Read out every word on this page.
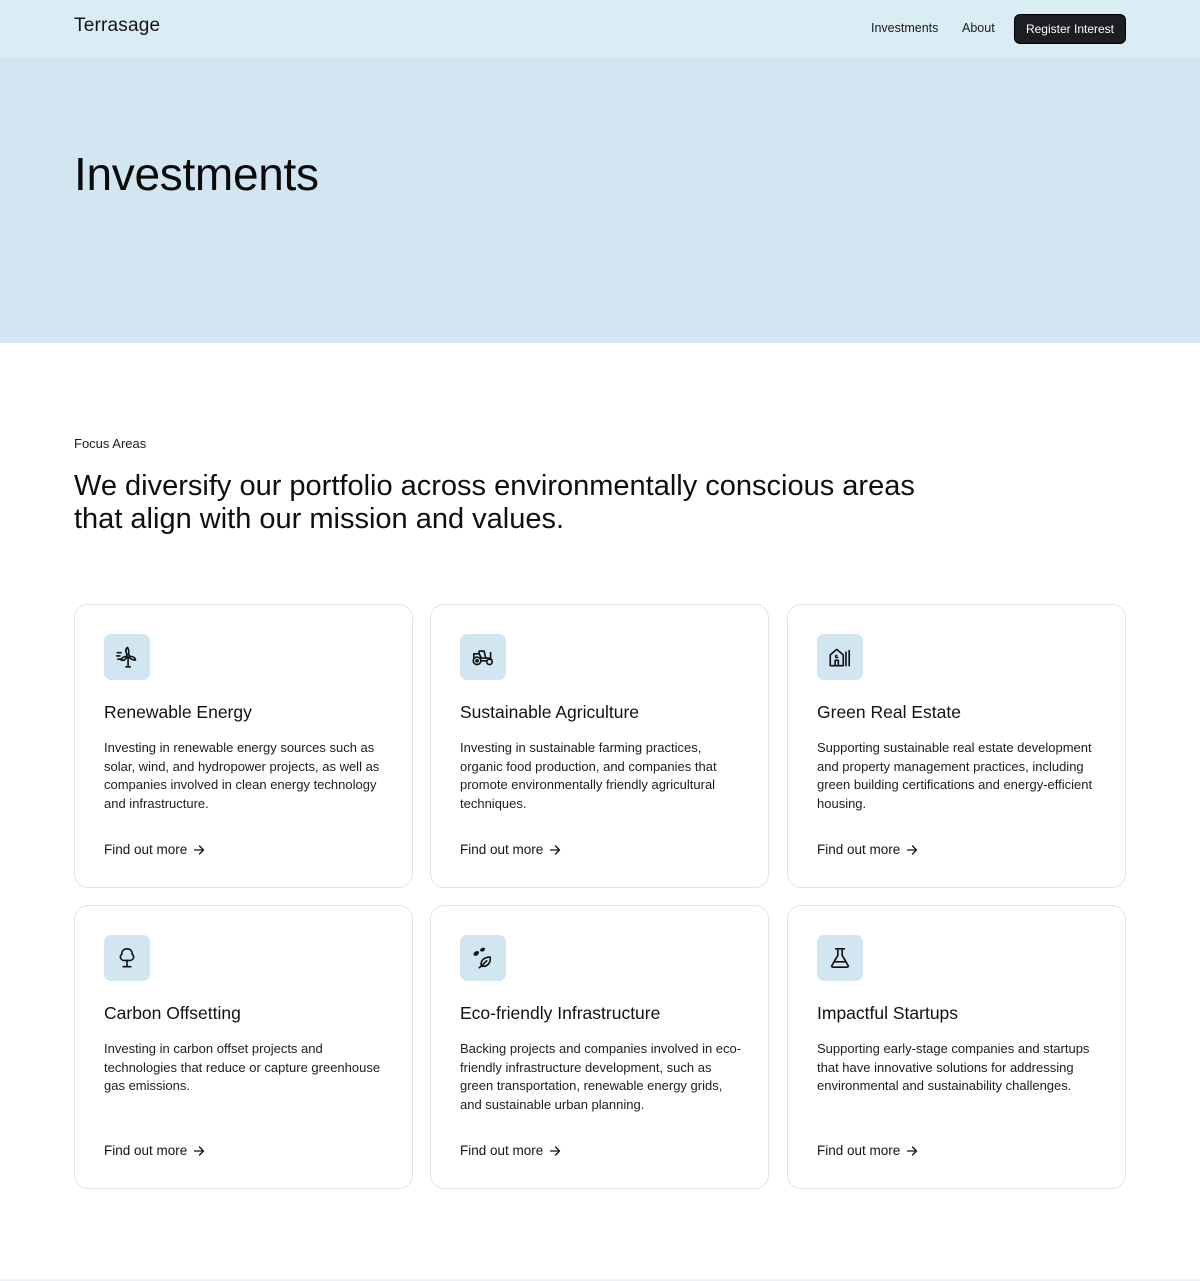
Terrasage	Investments About	Register Interest
Investments
Focus Areas
We diversify our portfolio across environmentally conscious areas that align with our mission and values.
Renewable Energy

Investing in renewable energy sources such as solar, wind, and hydropower projects, as well as companies involved in clean energy technology and infrastructure.

Find out more
Sustainable Agriculture

Investing in sustainable farming practices, organic food production, and companies that promote environmentally friendly agricultural techniques.

Find out more
Green Real Estate

Supporting sustainable real estate development and property management practices, including green building certifications and energy-efficient housing.

Find out more
Carbon Offsetting

Investing in carbon offset projects and technologies that reduce or capture greenhouse gas emissions.

Find out more
Eco-friendly Infrastructure

Backing projects and companies involved in eco-friendly infrastructure development, such as green transportation, renewable energy grids, and sustainable urban planning.

Find out more
Impactful Startups

Supporting early-stage companies and startups that have innovative solutions for addressing environmental and sustainability challenges.

Find out more
